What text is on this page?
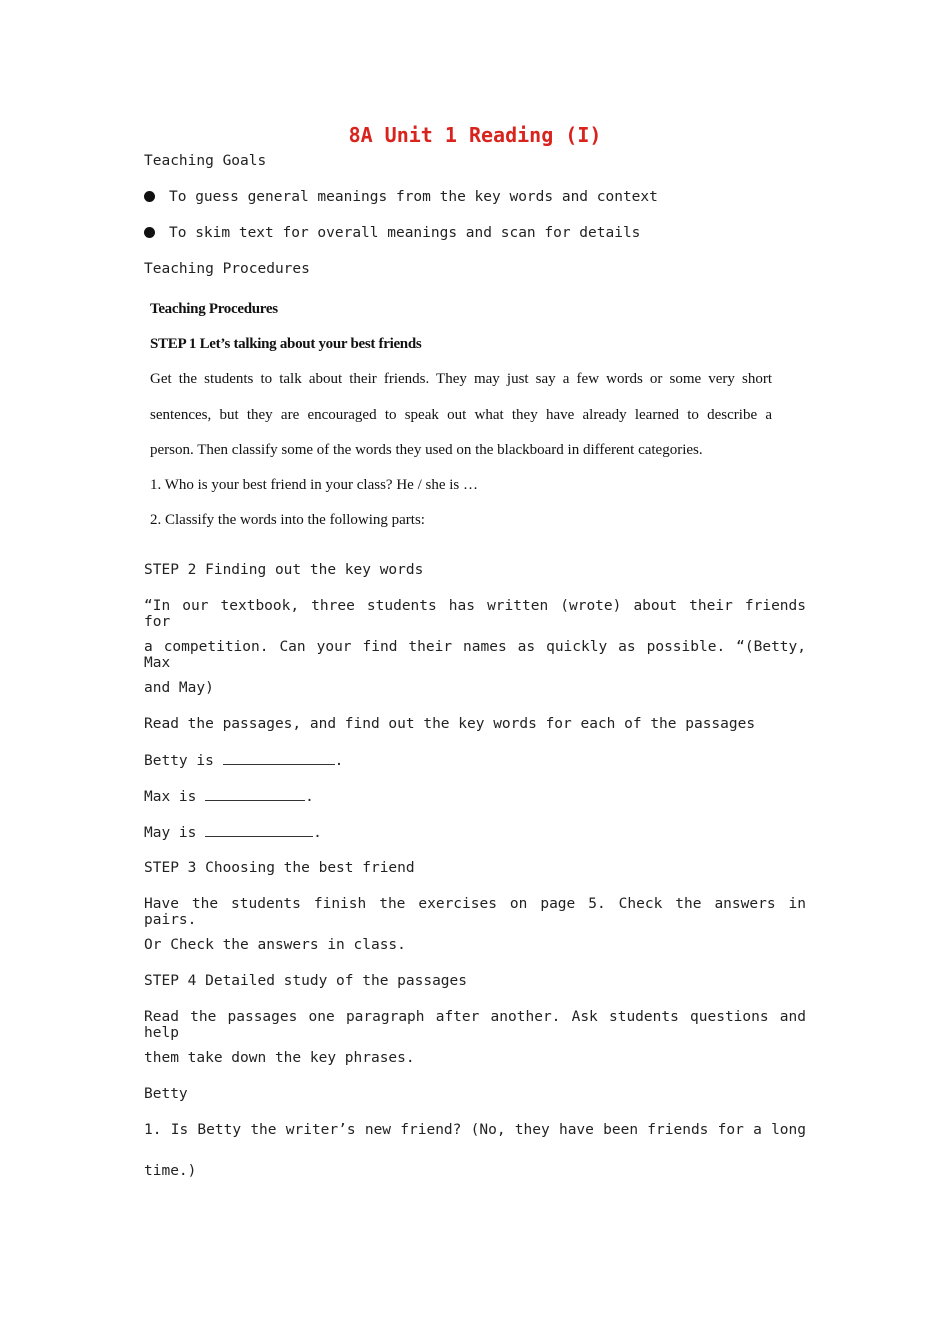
8A Unit 1 Reading (I)
Teaching Goals
To guess general meanings from the key words and context
To skim text for overall meanings and scan for details
Teaching Procedures
Teaching Procedures
STEP 1 Let’s talking about your best friends
Get the students to talk about their friends. They may just say a few words or some very short
sentences, but they are encouraged to speak out what they have already learned to describe a
person. Then classify some of the words they used on the blackboard in different categories.
1. Who is your best friend in your class? He / she is …
2. Classify the words into the following parts:
STEP 2 Finding out the key words
“In our textbook, three students has written (wrote) about their friends for
a competition. Can your find their names as quickly as possible. “(Betty, Max
and May)
Read the passages, and find out the key words for each of the passages
Betty is	.
Max is	.
May is	.
STEP 3 Choosing the best friend
Have the students finish the exercises on page 5. Check the answers in pairs.
Or Check the answers in class.
STEP 4 Detailed study of the passages
Read the passages one paragraph after another. Ask students questions and help
them take down the key phrases.
Betty
1. Is Betty the writer’s new friend? (No, they have been friends for a long
time.)
